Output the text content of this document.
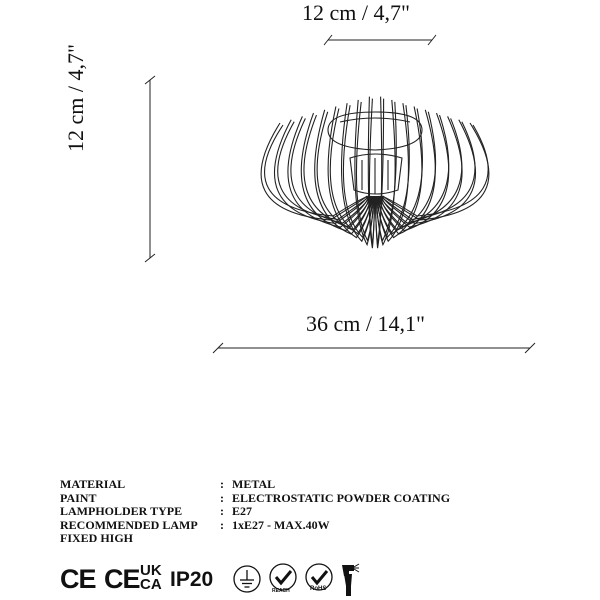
12 cm / 4,7"
36 cm / 14,1"
12 cm / 4,7"
MATERIAL	: METAL
PAINT	: ELECTROSTATIC POWDER COATING
LAMPHOLDER TYPE	: E27
RECOMMENDED LAMP	: 1xE27 - MAX.40W
FIXED HIGH
CE CE UK
CA IP20	REACH	RoHS
